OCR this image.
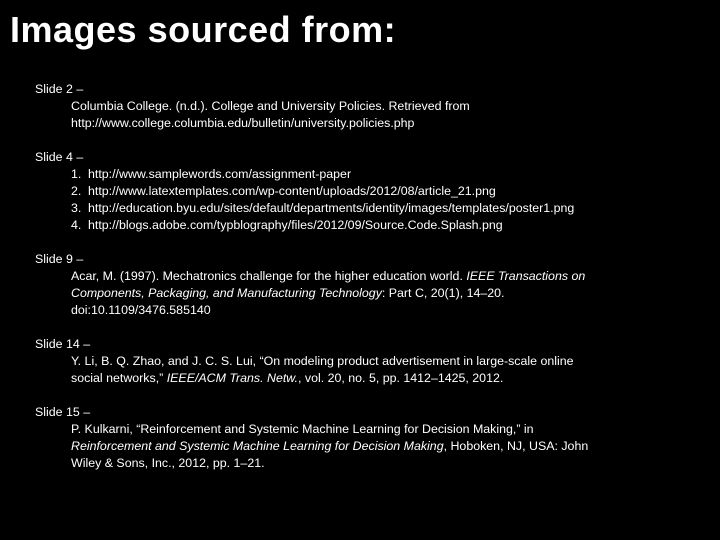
Images sourced from:
Slide 2 –
Columbia College. (n.d.). College and University Policies. Retrieved from
http://www.college.columbia.edu/bulletin/university.policies.php
Slide 4 –
1. http://www.samplewords.com/assignment-paper
2. http://www.latextemplates.com/wp-content/uploads/2012/08/article_21.png
3. http://education.byu.edu/sites/default/departments/identity/images/templates/poster1.png
4. http://blogs.adobe.com/typblography/files/2012/09/Source.Code.Splash.png
Slide 9 –
Acar, M. (1997). Mechatronics challenge for the higher education world. IEEE Transactions on
Components, Packaging, and Manufacturing Technology: Part C, 20(1), 14–20.
doi:10.1109/3476.585140
Slide 14 –
Y. Li, B. Q. Zhao, and J. C. S. Lui, “On modeling product advertisement in large-scale online
social networks,” IEEE/ACM Trans. Netw., vol. 20, no. 5, pp. 1412–1425, 2012.
Slide 15 –
P. Kulkarni, “Reinforcement and Systemic Machine Learning for Decision Making,” in
Reinforcement and Systemic Machine Learning for Decision Making, Hoboken, NJ, USA: John
Wiley & Sons, Inc., 2012, pp. 1–21.
